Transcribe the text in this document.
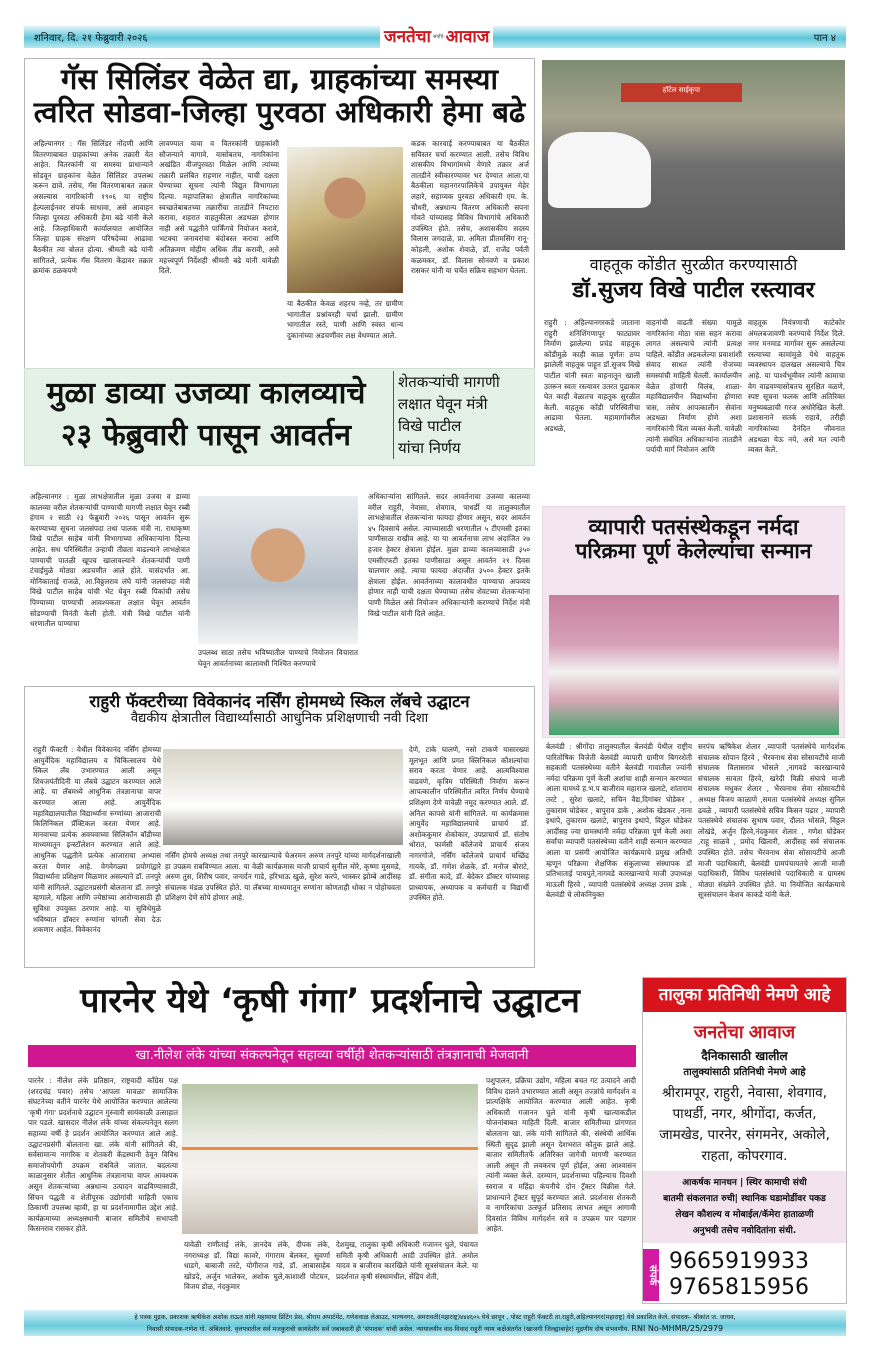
शनिवार, दि. २१ फेब्रुवारी २०२६	पान ४
जनतेचा सर्वांचे आवाज
गॅस सिलिंडर वेळेत द्या, ग्राहकांच्या समस्या
त्वरित सोडवा-जिल्हा पुरवठा अधिकारी हेमा बढे
अहिल्यानगर : गॅस सिलिंडर नोंदणी आणि वितरणाबाबत ग्राहकांच्या अनेक तक्रारी येत आहेत. वितरकांनी या समस्या प्राधान्याने सोडवून ग्राहकांना वेळेत सिलिंडर उपलब्ध करून द्यावे. तसेच, गॅस वितरणाबाबत तक्रार असल्यास नागरिकांनी १९०६ या राष्ट्रीय हेल्पलाईनवर संपर्क साधावा, असे आवाहन जिल्हा पुरवठा अधिकारी हेमा बढे यांनी केले आहे. जिल्हाधिकारी कार्यालयात आयोजित जिल्हा ग्राहक संरक्षण परिषदेच्या आढावा बैठकीत त्या बोलत होत्या. श्रीमती बढे यांनी सांगितले, प्रत्येक गॅस वितरण केंद्रावर तक्रार क्रमांक ठळकपणे
लावण्यात यावा व वितरकांनी ग्राहकांशी सौजन्याने वागावे. यासोबतच, नागरिकांना अखंडित वीजपुरवठा मिळेल आणि त्यांच्या तक्रारी प्रलंबित राहणार नाहीत, याची दक्षता घेण्याच्या सूचना त्यांनी विद्युत विभागाला दिल्या. महापालिका क्षेत्रातील नागरिकांच्या स्वच्छतेबाबतच्या तक्रारींचा तातडीने निपटारा करावा, शहरात वाहतुकीला अडथळा होणार नाही असे पद्धतीने पार्किंगचे नियोजन करावे, भटक्या जनावरांचा बंदोबस्त करावा आणि अतिक्रमण मोहीम अधिक तीव्र करावी, असे महत्त्वपूर्ण निर्देशही श्रीमती बढे यांनी यावेळी दिले.
या बैठकीत केवळ शहरच नव्हे, तर ग्रामीण भागातील प्रश्नांवरही चर्चा झाली. ग्रामीण भागातील रस्ते, पाणी आणि स्वस्त धान्य दुकानांच्या अडचणींवर लक्ष वेधण्यात आले.
कडक कारवाई करण्याबाबत या बैठकीत सविस्तर चर्चा करण्यात आली. तसेच विविध शासकीय विभागांमध्ये येणारे तक्रार अर्ज तातडीने स्वीकारण्यावर भर देण्यात आला.या बैठकीला महानगरपालिकेचे उपायुक्त मेहेर लहारे, सहाय्यक पुरवठा अधिकारी एम. के. चौधरी, अन्नधान्य वितरण अधिकारी सपना गोवते यांच्यासह विविध विभागांचे अधिकारी उपस्थित होते. तसेच, अशासकीय सदस्य विलास जगदाळे, प्रा. अमिता प्रीतमसिंग रानू-कोहली, अशोक शेवाळे, डॉ. राजेंद्र पर्वती कळमकर, डॉ. विलास सोनवणे व प्रकाश रासकर यांनी या चर्चेत सक्रिय सहभाग घेतला.
हॉटेल साईकृपा
वाहतूक कोंडीत सुरळीत करण्यासाठी
डॉ.सुजय विखे पाटील रस्त्यावर
राहुरी : अहिल्यानगरकडे जाताना राहुरी शनिशिंगणापूर फाट्यावर निर्माण झालेल्या प्रचंड वाहतूक कोंडीमुळे काही काळ पूर्णतः ठप्प झालेली वाहतूक पाहून डॉ.सुजय विखे पाटील यांनी स्वतः वाहनातून खाली उतरून स्वतः रस्त्यावर उतरत पुढाकार घेत काही वेळातच वाहतूक सुरळीत केली. वाहतूक कोंडी परिस्थितीचा आढावा घेतला. महामार्गावरील अडथळे,
वाहनांची वाढती संख्या यामुळे नागरिकांना मोठा त्रास सहन करावा लागत असल्याचे त्यांनी प्रत्यक्ष पाहिले. कोंडीत अडकलेल्या प्रवाशांशी संवाद साधत त्यांनी रोजच्या समस्यांची माहिती घेतली. कार्यालयीन वेळेत होणारी विलंब, शाळा-महाविद्यालयीन विद्यार्थ्यांना होणारा त्रास, तसेच आपत्कालीन सेवांना अडथळा निर्माण होणे अशा नागरिकांनी चिंता व्यक्त केली. यावेळी त्यांनी संबंधित अधिकाऱ्यांना तातडीने पर्यायी मार्ग नियोजन आणि
वाहतूक नियंत्रणाची काटेकोर अंमलबजावणी करण्याचे निर्देश दिले. नगर मनमाड मार्गावर सुरू असलेल्या रस्त्याच्या कामांमुळे येथे वाहतूक व्यवस्थापन दालखल असल्याचे चित्र आहे. या पार्श्वभूमीवर त्यांनी कामाचा वेग वाढवण्यासोबतच सुरक्षित वळणे, स्पष्ट सूचना फलक आणि अतिरिक्त मनुष्यबळाची गरज अधोरेखित केली. प्रशासनाने सतर्क राहावे, तरीही नागरिकांच्या दैनंदिन जीवनात अडथळा येऊ नये, असे मत त्यांनी व्यक्त केले.
मुळा डाव्या उजव्या कालव्याचे
२३ फेब्रुवारी पासून आवर्तन
शेतकऱ्यांची मागणी
लक्षात घेवून मंत्री
विखे पाटील
यांचा निर्णय
अहिल्यानगर : मुळा लाभक्षेत्रातील मुळा उजवा व डाव्या कालव्या वरील शेतकऱ्यांची पाण्याची मागणी लक्षात घेवून रब्बी हंगाम २ साठी २३ फेब्रुवारी २०२६ पासून आवर्तन सुरू करण्याच्या सूचना जलसंपदा तथा पालक मंत्री ना. राधाकृष्ण विखे पाटील साहेब यांनी विभागाच्या अधिकाऱ्यांना दिल्या आहेत. सध परिस्थितीत उन्हाची तीव्रता वाढल्याने लाभक्षेत्रात पाण्याची पातळी खूपच खालावल्याने शेतकऱ्यांची पाणी टंचाईमुळे मोठ्या अडचणीत आले होते. यासंदर्भात आ. मोनिकाताई राजळे, आ.विठ्ठलराव लंघे यांनी जलसंपदा मंत्री विखे पाटील साहेब यांची भेट घेवून रब्बी पिकांची तसेच पिण्याच्या पाण्याची आवश्यकता लक्षात घेवून आवर्तन सोडण्याची विनंती केली होती. मंत्री विखे पाटील यांनी धरणातील पाण्याचा
उपलब्ध साठा तसेच भविष्यातील पाण्याचे नियोजन विचारात घेवून आवर्तनाच्या कालावधी निश्चित करण्याचे
अधिकाऱ्यांना सांगितले. सदर आवर्तनाचा उजव्या कालव्या वरील राहुरी, नेवासा, शेवगाव, पाथर्डी या तालुक्यातील लाभक्षेत्रातील शेतकऱ्यांना फायदा होणार असून, सदर आवर्तन ४५ दिवसाचे असेल. त्याच्यासाठी धरणातील ५ टीएमसी इतका पाणीसाठा राखीव आहे. या या आवर्तनाचा लाभ अंदाजित २७ हजार हेक्टर क्षेत्राला होईल. मुळा डाव्या कालव्यासाठी ३५० एमसीएफटी इतका पाणीसाठा असून आवर्तन २१ दिवस चालणार आहे. त्याचा फायदा अंदाजीत ३५०० हेक्टर इतके क्षेत्राला होईल. आवर्तनाच्या कालावधीत पाण्याचा अपव्यय होणार नाही याची दक्षता घेण्याच्या तसेच शेवटच्या शेतकऱ्यांना पाणी मिळेल असे नियोजन अधिकाऱ्यांनी करण्याचे निर्देश मंत्री विखे पाटील यांनी दिले आहेत.
व्यापारी पतसंस्थेकडून नर्मदा
परिक्रमा पूर्ण केलेल्यांचा सन्मान
बेलवंडी : श्रीगोंदा तालुक्यातील बेलवंडी येथील राष्ट्रीय पारितोषिक विजेती बेलवंडी व्यापारी ग्रामीण बिगरशेती सहकारी पतसंस्थेच्या वतीने बेलवंडी गावातील ज्यांनी नर्मदा परिक्रमा पूर्ण केली अशांचा शाही सन्मान करण्यात आला यामध्ये ह.भ.प बाजीराव महाराज खलाटे, शांताराम तरटे , सुरेश खलाटे, सचिन वैद्य,दिगांबर घोडेकर , तुकाराम घोडेकर , बापुराव डाके , अशोक खेडकर ,नाना इथापे, तुकाराम खलाटे, बापुराव इथापे, विठ्ठल घोडेकर आदींसह ज्या ग्रामस्थांनी नर्मदा परिक्रमा पूर्ण केली अशा सर्वांचा व्यापारी पतसंस्थेच्या वतीने शाही सन्मान करण्यात आला या प्रसंगी आयोजित कार्यक्रमाचे प्रमुख अतिथी म्हणून परिक्रमा शैक्षणिक संकुलाच्या संस्थापक डॉ प्रतिभाताई पाचपुते,नागवडे कारखान्याचे माजी उपाध्यक्ष माऊली हिरवे , व्यापारी पतसंस्थेचे अध्यक्ष उत्तम डाके , बेलवंडी चे लोकनियुक्त
सरपंच ऋषिकेश शेलार ,व्यापारी पतसंस्थेचे मार्गदर्शक संचालक सोपान हिरवे , भैरवनाथ सेवा सोसायटीचे माजी संचालक विलासराव भोसले ,नागवडे कारखान्याचे संचालक सावता हिरवे, खरेदी विक्री संघाचे माजी संचालक मधुकर शेलार , भैरवनाथ सेवा सोसायटीचे अध्यक्ष विजय काळाणे ,समता पतसंस्थेचे अध्यक्ष सुनिल ढवळे , व्यापारी पतसंस्थेचे सचिव किसन पढार , व्यापारी पतसंस्थेचे संचालक सुभाष पवार, दौलत भोसले, विठ्ठल लोखंडे, अर्जुन हिरवे,नंदकुमार शेलार , गणेश घोडेकर ,राहू साळवे , प्रमोद खिलारी, आदींसह सर्व संचालक उपस्थित होते. तसेच भैरवनाथ सेवा सोसायटीचे आजी माजी पदाधिकारी, बेलवंडी ग्रामपंचायतचे आजी माजी पदाधिकारी, विविध पतसंस्थांचे पदाधिकारी व ग्रामस्थ मोठ्या संख्येने उपस्थित होते. या नियोजित कार्यक्रमाचे सूत्रसंचालन केशव काकडे यांनी केले.
राहुरी फॅक्टरीच्या विवेकानंद नर्सिंग होममध्ये स्किल लॅबचे उद्घाटन
वैद्यकीय क्षेत्रातील विद्यार्थ्यांसाठी आधुनिक प्रशिक्षणाची नवी दिशा
राहुरी फॅक्टरी : येथील विवेकानंद नर्सिंग होमच्या आयुर्वेदिक महाविद्यालय व चिकित्सालय येथे स्किल लॅब उभारण्यात आली असून शिवजयंतीदिनी या लॅबचे उद्घाटन करण्यात आले आहे. या लॅबमध्ये आधुनिक तंत्रज्ञानाचा वापर करण्यात आला आहे. आयुर्वेदिक महाविद्यालयातील विद्यार्थ्यांना रुग्णांच्या आजाराची किलिनिकल प्रॅक्टिकल करता येणार आहे. मानवाच्या प्रत्येक अवयवाच्या सिलिकॉन बॉडीच्या माध्यमातून इन्स्टॉलेशन करण्यात आले आहे. आधुनिक पद्धतीने प्रत्येक आजाराचा अभ्यास करता येणार आहे. वेगवेगळ्या प्रयोगांद्वारे विद्यार्थ्यांना प्रशिक्षण मिळणार असल्याने डॉ. तनपुरे यांनी सांगितले. उद्घाटनप्रसंगी बोलताना डॉ. तनपुरे म्हणाले, महिला आणि ज्येष्ठांच्या आरोग्यासाठी ही सुविधा उपयुक्त ठरणार आहे. या सुविधेमुळे भविष्यात डॉक्टर रुग्णांना चांगली सेवा देऊ शकणार आहेत. विवेकानंद
नर्सिंग होमचे अध्यक्ष तथा तनपुरे कारखान्याचे चेअरमन अरुण तनपुरे यांच्या मार्गदर्शनाखाली हा उपक्रम राबविण्यात आला. या वेळी कार्यक्रमास माजी प्राचार्य सुनील मोरे, कृष्णा मुसमडे, अरुण तुस, शिरीष पवार, जनार्दन गाडे, हरिभाऊ खुळे, सुरेश करपे, भास्कर झोम्बे आदींसह संचालक मंडळ उपस्थित होते. या लॅबच्या माध्यमातून रुग्णांना कोणताही धोका न पोहोचवता प्रशिक्षण देणे सोपे होणार आहे.
देणे, टाके घालणे, नसो टाकणे यासारख्या मूलभूत आणि प्रगत क्लिनिकल कौशल्यांचा सराव करता येणार आहे. आत्मविश्वास वाढवणे, कृत्रिम परिस्थिती निर्माण करून आपत्कालीन परिस्थितीत त्वरित निर्णय घेण्याचे प्रशिक्षण देणे यावेळी नमूद करण्यात आले. डॉ. अनिल कापसे यांनी सांगितले. या कार्यक्रमास आयुर्वेद महाविद्यालयाचे प्राचार्य डॉ. अशोककुमार शेकोकार, उपप्राचार्य डॉ. संतोष थोरात, फार्मसी कॉलेजचे प्राचार्य संजय नागरगोजे, नर्सिंग कॉलेजचे प्राचार्य मच्छिंद्र गायके, डॉ. गणेश शेळके, डॉ. मनोज बोराटे, डॉ. संगीता कादे, डॉ. बेदेकर डॉक्टर यांच्यासह प्राध्यापक, अध्यापक व कर्मचारी व विद्यार्थी उपस्थित होते.
पारनेर येथे ‘कृषी गंगा’ प्रदर्शनाचे उद्घाटन
खा.नीलेश लंके यांच्या संकल्पनेतून सहाव्या वर्षीही शेतकऱ्यांसाठी तंत्रज्ञानाची मेजवानी
पारनेर : नीलेश लंके प्रतिष्ठान, राष्ट्रवादी काँग्रेस पक्ष (शरदचंद्र पवार) तसेच 'आपला मावळा' सामाजिक संघटनेच्या वतीने पारनेर येथे आयोजित करण्यात आलेल्या 'कृषी गंगा' प्रदर्शनाचे उद्घाटन गुरुवारी सायंकाळी उत्साहात पार पडले. खासदार नीलेश लंके यांच्या संकल्पनेतून सलग सहाव्या वर्षी हे प्रदर्शन आयोजित करण्यात आले आहे. उद्घाटनप्रसंगी बोलताना खा. लंके यांनी सांगितले की, सर्वसामान्य नागरिक व शेतकरी केंद्रस्थानी ठेवून विविध समाजोपयोगी उपक्रम राबविले जातात. बदलत्या काळानुसार शेतीत आधुनिक तंत्रज्ञानाचा वापर आवश्यक असून शेतकऱ्यांच्या अन्नधान्य उत्पादन वाढविण्यासाठी, सिंचन पद्धती व शेतीपूरक उद्योगांची माहिती एकाच ठिकाणी उपलब्ध व्हावी, हा या प्रदर्शनामागील उद्देश आहे. कार्यक्रमाच्या अध्यक्षस्थानी बाजार समितीचे सभापती किसनराव रासकर होते.
यावेळी राणीताई लंके, ज्ञानदेव लंके, दीपक लंके, नगराध्यक्ष डॉ. विद्या कावरे, गंगाराम बेलकर, सुवर्णा धाडगे, बाबाजी तरटे, योगीराज गाडे, डॉ. आबासाहेब खोडदे, अर्जुन भालेकर, अशोक घुले,काशाशी पोटघन, विजय डोळ, नंदकुमार
देशमुख, तालुका कृषी अधिकारी गजानन घुले, पंचायत समिती कृषी अधिकारी आदी उपस्थित होते. अमोल यादव व बाजीराव कारखिले यांनी सूत्रसंचालन केले. या प्रदर्शनात कृषी संस्थामधील, सेंद्रिय शेती,
पशुपालन, प्रक्रिया उद्योग, महिला बचत गट उत्पादने आदी विविध दालने उभारण्यात आली असून तज्ज्ञांचे मार्गदर्शन व प्रात्यक्षिके आयोजित करण्यात आली आहेत. कृषी अधिकारी गजानन घुले यांनी कृषी खात्याकडील योजनांबाबत माहिती दिली. बाजार समितीच्या प्रांगणात बोलताना खा. लंके यांनी सांगितले की, संस्थेची आर्थिक स्थिती सुदृढ झाली असून देशभरात कौतुक झाले आहे. बाजार समितीतर्फे अतिरिक्त जागेची मागणी करण्यात आली असून ती लवकरच पूर्ण होईल, असा आश्वासन त्यांनी व्यक्त केले. दरम्यान, प्रदर्शनाच्या पहिल्याच दिवशी स्वराज व महिंद्रा कंपनीचे दोन ट्रॅक्टर विक्रीस गेले. प्राधान्याने ट्रॅक्टर सुपूर्द करण्यात आले. प्रदर्शनास शेतकरी व नागरिकांचा उत्स्फूर्त प्रतिसाद लाभत असून आगामी दिवसांत विविध मार्गदर्शन सत्रे व उपक्रम पार पडणार आहेत.
तालुका प्रतिनिधी नेमणे आहे
जनतेचा आवाज
दैनिकासाठी खालील
तालुक्यांसाठी प्रतिनिधी नेमणे आहे
श्रीरामपूर, राहुरी, नेवासा, शेवगाव,
पाथर्डी, नगर, श्रीगोंदा, कर्जत,
जामखेड, पारनेर, संगमनेर, अकोले,
राहता, कोपरगाव.
आकर्षक मानधन | स्थिर कामाची संधी
बातमी संकलनात रुची| स्थानिक घडामोडींवर पकड
लेखन कौशल्य व मोबाईल/कॅमेरा हाताळणी
अनुभवी तसेच नवोदितांना संधी.
संपर्क
9665919933
9765815956
हे पत्रक मुद्रक, प्रकाशक ऋषीकेश अशोक राऊत यांनी महामाया प्रिंटिंग प्रेस, श्रीराम अपार्टमेंट, गणेशवाळ लेआउट, भाग्यनगर, अमरावती(महाराष्ट्र)४४४६०५ येथे छापून , पोस्ट राहुरी फॅक्टरी ता.राहुरी,अहिल्यानगर(महाराष्ट्र) येथे प्रकाशित केले. संपादक- श्रीकांत ज. जाधव,
निवासी संपादक-गणेश गो. अंबितवादे. वृत्तपत्रातील सर्व मजकुराची कायदेशीर सर्व जबाबदारी ही 'संपादक' यांची असेल. न्यायालयीन वाद-विवाद राहुरी न्याय कक्षेअंतर्गत (खाजगी जिल्ह्याबाहेर) मुद्रणीय दोष संभवणीय. RNI No-MHMR/25/2979
